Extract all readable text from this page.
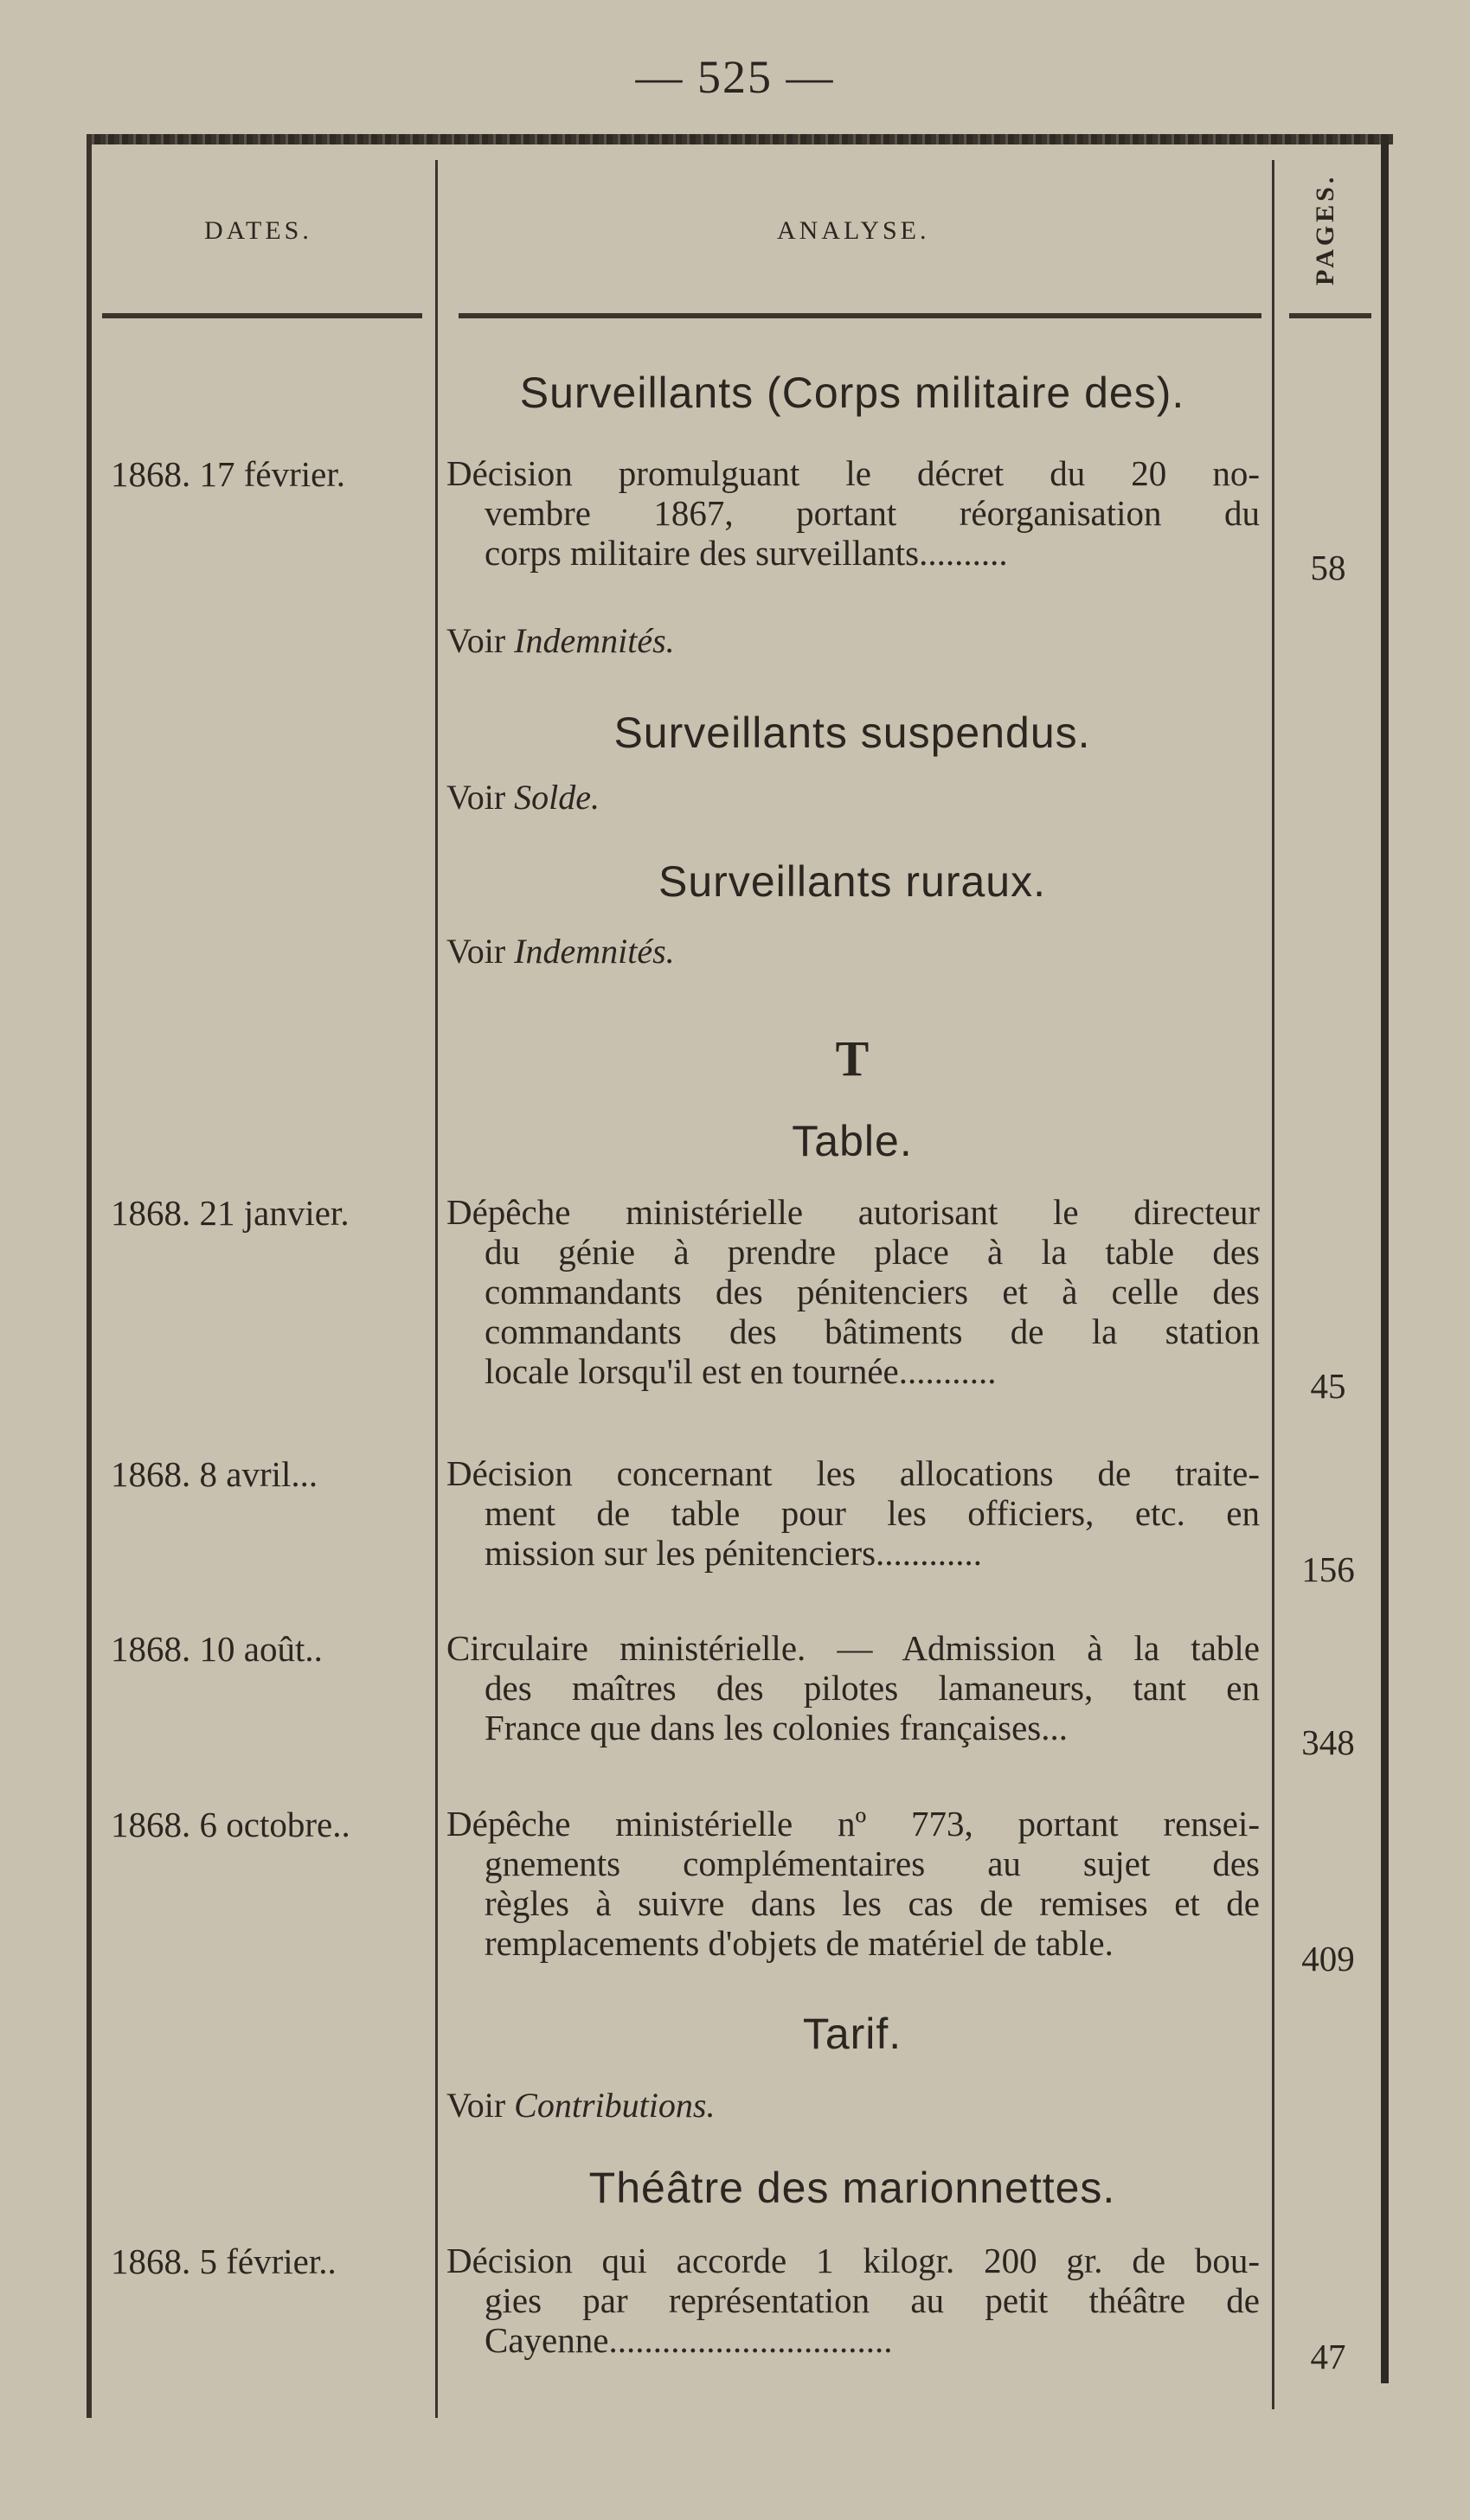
— 525 —
DATES.	ANALYSE.	PAGES.
Surveillants (Corps militaire des).
1868. 17 février.	Décision promulguant le décret du 20 no-
vembre 1867, portant réorganisation du
corps militaire des surveillants..........	58
Voir Indemnités.
Surveillants suspendus.
Voir Solde.
Surveillants ruraux.
Voir Indemnités.
T
Table.
1868. 21 janvier.	Dépêche ministérielle autorisant le directeur
du génie à prendre place à la table des
commandants des pénitenciers et à celle des
commandants des bâtiments de la station
locale lorsqu'il est en tournée...........	45
1868. 8 avril...	Décision concernant les allocations de traite-
ment de table pour les officiers, etc. en
mission sur les pénitenciers............	156
1868. 10 août..	Circulaire ministérielle. — Admission à la table
des maîtres des pilotes lamaneurs, tant en
France que dans les colonies françaises...	348
1868. 6 octobre..	Dépêche ministérielle nº 773, portant rensei-
gnements complémentaires au sujet des
règles à suivre dans les cas de remises et de
remplacements d'objets de matériel de table.	409
Tarif.
Voir Contributions.
Théâtre des marionnettes.
1868. 5 février..	Décision qui accorde 1 kilogr. 200 gr. de bou-
gies par représentation au petit théâtre de
Cayenne................................	47
